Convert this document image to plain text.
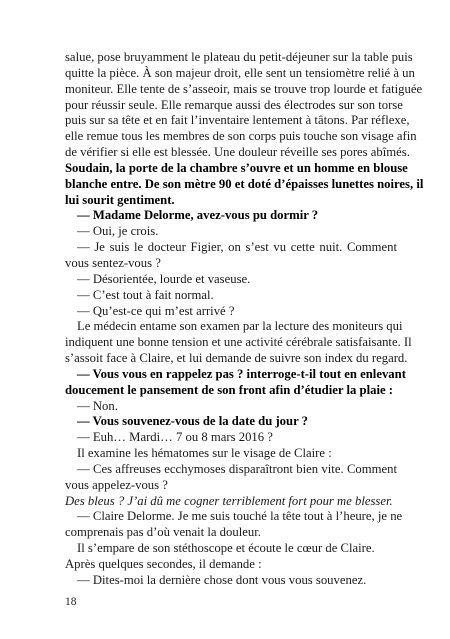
salue, pose bruyamment le plateau du petit-déjeuner sur la table puis
quitte la pièce. À son majeur droit, elle sent un tensiomètre relié à un
moniteur. Elle tente de s’asseoir, mais se trouve trop lourde et fatiguée
pour réussir seule. Elle remarque aussi des électrodes sur son torse
puis sur sa tête et en fait l’inventaire lentement à tâtons. Par réflexe,
elle remue tous les membres de son corps puis touche son visage afin
de vérifier si elle est blessée. Une douleur réveille ses pores abîmés.
Soudain, la porte de la chambre s’ouvre et un homme en blouse
blanche entre. De son mètre 90 et doté d’épaisses lunettes noires, il
lui sourit gentiment.
— Madame Delorme, avez-vous pu dormir ?
— Oui, je crois.
— Je suis le docteur Figier, on s’est vu cette nuit. Comment
vous sentez-vous ?
— Désorientée, lourde et vaseuse.
— C’est tout à fait normal.
— Qu’est-ce qui m’est arrivé ?
Le médecin entame son examen par la lecture des moniteurs qui
indiquent une bonne tension et une activité cérébrale satisfaisante. Il
s’assoit face à Claire, et lui demande de suivre son index du regard.
— Vous vous en rappelez pas ? interroge-t-il tout en enlevant
doucement le pansement de son front afin d’étudier la plaie :
— Non.
— Vous souvenez-vous de la date du jour ?
— Euh… Mardi… 7 ou 8 mars 2016 ?
Il examine les hématomes sur le visage de Claire :
— Ces affreuses ecchymoses disparaîtront bien vite. Comment
vous appelez-vous ?
Des bleus ? J’ai dû me cogner terriblement fort pour me blesser.
— Claire Delorme. Je me suis touché la tête tout à l’heure, je ne
comprenais pas d’où venait la douleur.
Il s’empare de son stéthoscope et écoute le cœur de Claire.
Après quelques secondes, il demande :
— Dites-moi la dernière chose dont vous vous souvenez.
18
